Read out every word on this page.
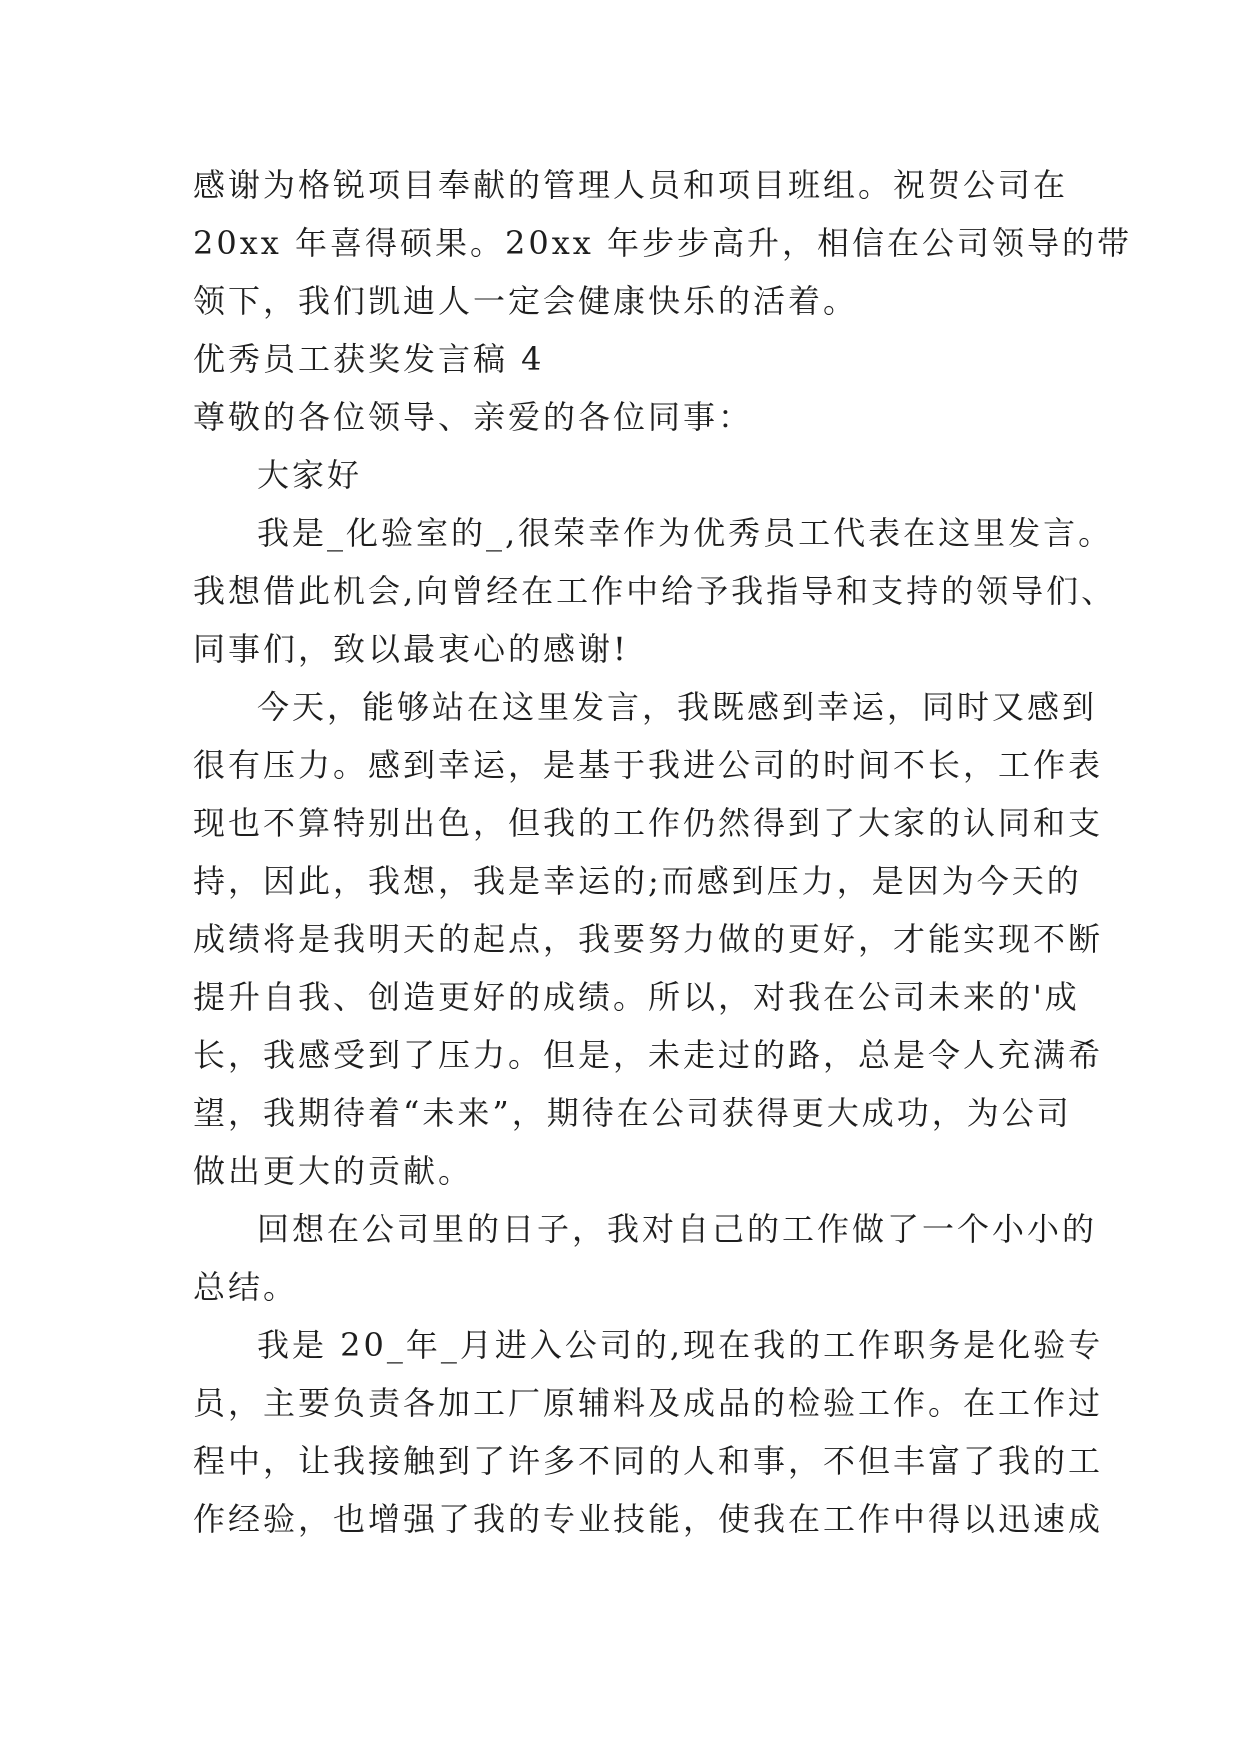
感谢为格锐项目奉献的管理人员和项目班组。祝贺公司在
20xx 年喜得硕果。20xx 年步步高升，相信在公司领导的带
领下，我们凯迪人一定会健康快乐的活着。
优秀员工获奖发言稿 4
尊敬的各位领导、亲爱的各位同事：
大家好
我是_化验室的_,很荣幸作为优秀员工代表在这里发言。
我想借此机会,向曾经在工作中给予我指导和支持的领导们、
同事们，致以最衷心的感谢!
今天，能够站在这里发言，我既感到幸运，同时又感到
很有压力。感到幸运，是基于我进公司的时间不长，工作表
现也不算特别出色，但我的工作仍然得到了大家的认同和支
持，因此，我想，我是幸运的;而感到压力，是因为今天的
成绩将是我明天的起点，我要努力做的更好，才能实现不断
提升自我、创造更好的成绩。所以，对我在公司未来的'成
长，我感受到了压力。但是，未走过的路，总是令人充满希
望，我期待着“未来”，期待在公司获得更大成功，为公司
做出更大的贡献。
回想在公司里的日子，我对自己的工作做了一个小小的
总结。
我是 20_年_月进入公司的,现在我的工作职务是化验专
员，主要负责各加工厂原辅料及成品的检验工作。在工作过
程中，让我接触到了许多不同的人和事，不但丰富了我的工
作经验，也增强了我的专业技能，使我在工作中得以迅速成
